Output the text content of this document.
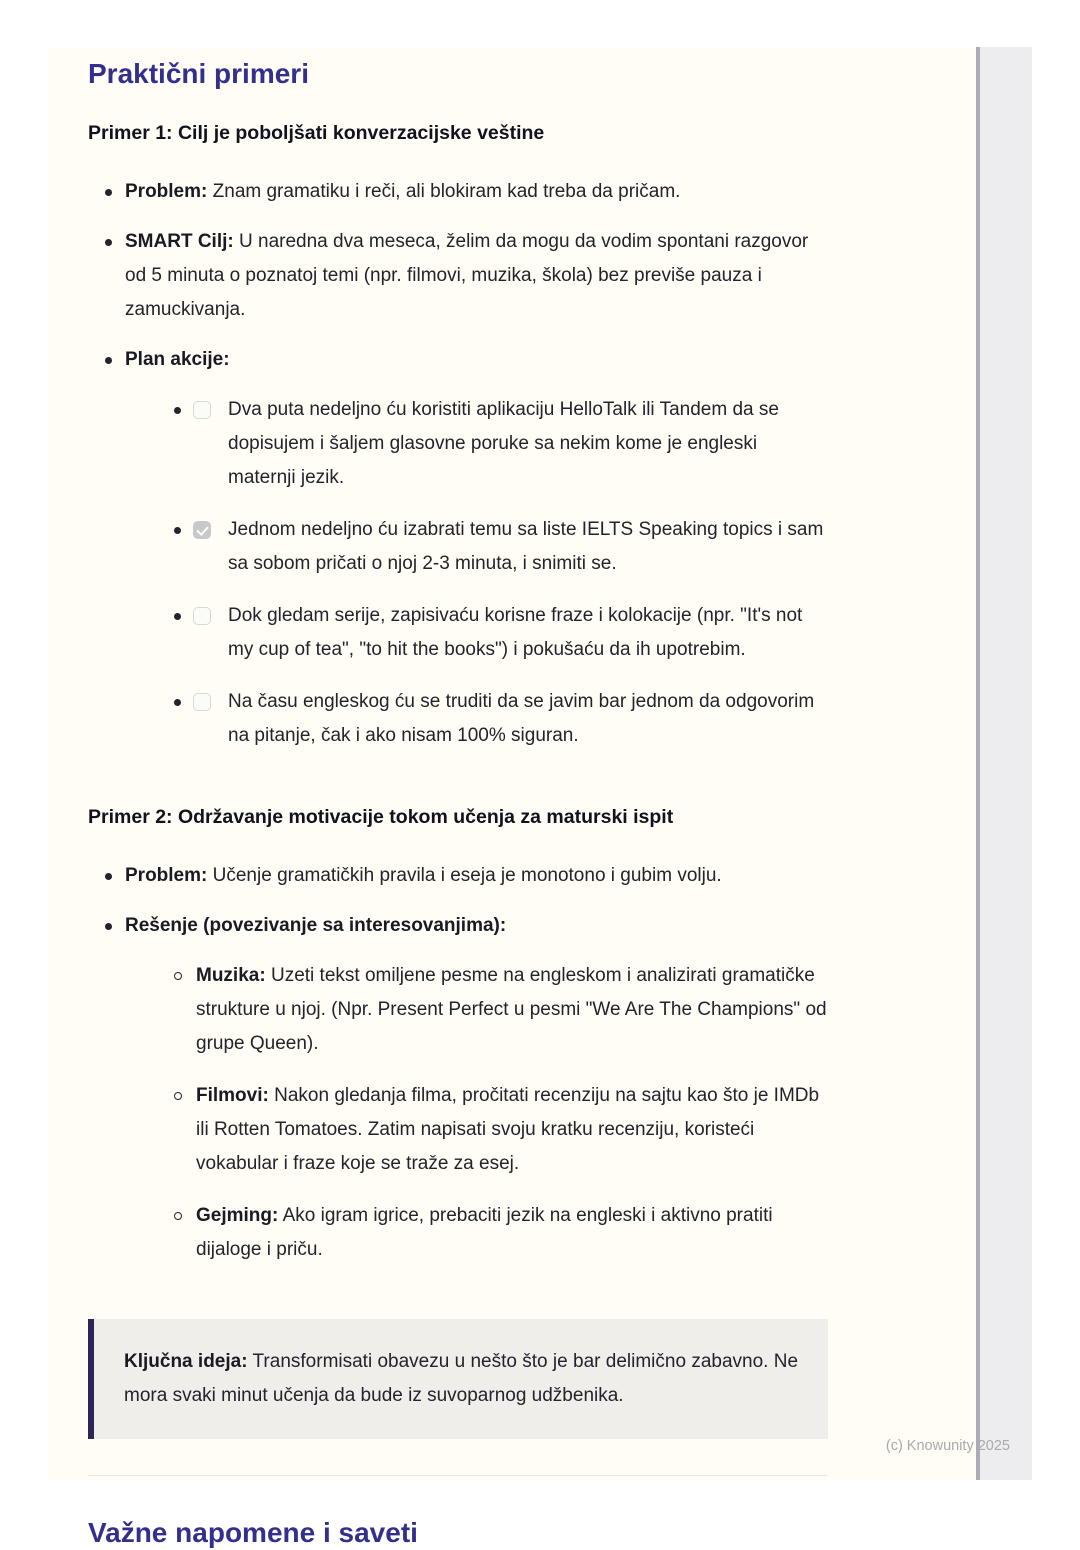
Praktični primeri
Primer 1: Cilj je poboljšati konverzacijske veštine
Problem: Znam gramatiku i reči, ali blokiram kad treba da pričam.
SMART Cilj: U naredna dva meseca, želim da mogu da vodim spontani razgovor od 5 minuta o poznatoj temi (npr. filmovi, muzika, škola) bez previše pauza i zamuckivanja.
Plan akcije:
Dva puta nedeljno ću koristiti aplikaciju HelloTalk ili Tandem da se dopisujem i šaljem glasovne poruke sa nekim kome je engleski maternji jezik.
Jednom nedeljno ću izabrati temu sa liste IELTS Speaking topics i sam sa sobom pričati o njoj 2-3 minuta, i snimiti se.
Dok gledam serije, zapisivaću korisne fraze i kolokacije (npr. "It's not my cup of tea", "to hit the books") i pokušaću da ih upotrebim.
Na času engleskog ću se truditi da se javim bar jednom da odgovorim na pitanje, čak i ako nisam 100% siguran.
Primer 2: Održavanje motivacije tokom učenja za maturski ispit
Problem: Učenje gramatičkih pravila i eseja je monotono i gubim volju.
Rešenje (povezivanje sa interesovanjima):
Muzika: Uzeti tekst omiljene pesme na engleskom i analizirati gramatičke strukture u njoj. (Npr. Present Perfect u pesmi "We Are The Champions" od grupe Queen).
Filmovi: Nakon gledanja filma, pročitati recenziju na sajtu kao što je IMDb ili Rotten Tomatoes. Zatim napisati svoju kratku recenziju, koristeći vokabular i fraze koje se traže za esej.
Gejming: Ako igram igrice, prebaciti jezik na engleski i aktivno pratiti dijaloge i priču.
Ključna ideja: Transformisati obavezu u nešto što je bar delimično zabavno. Ne mora svaki minut učenja da bude iz suvoparnog udžbenika.
Važne napomene i saveti
(c) Knowunity 2025
